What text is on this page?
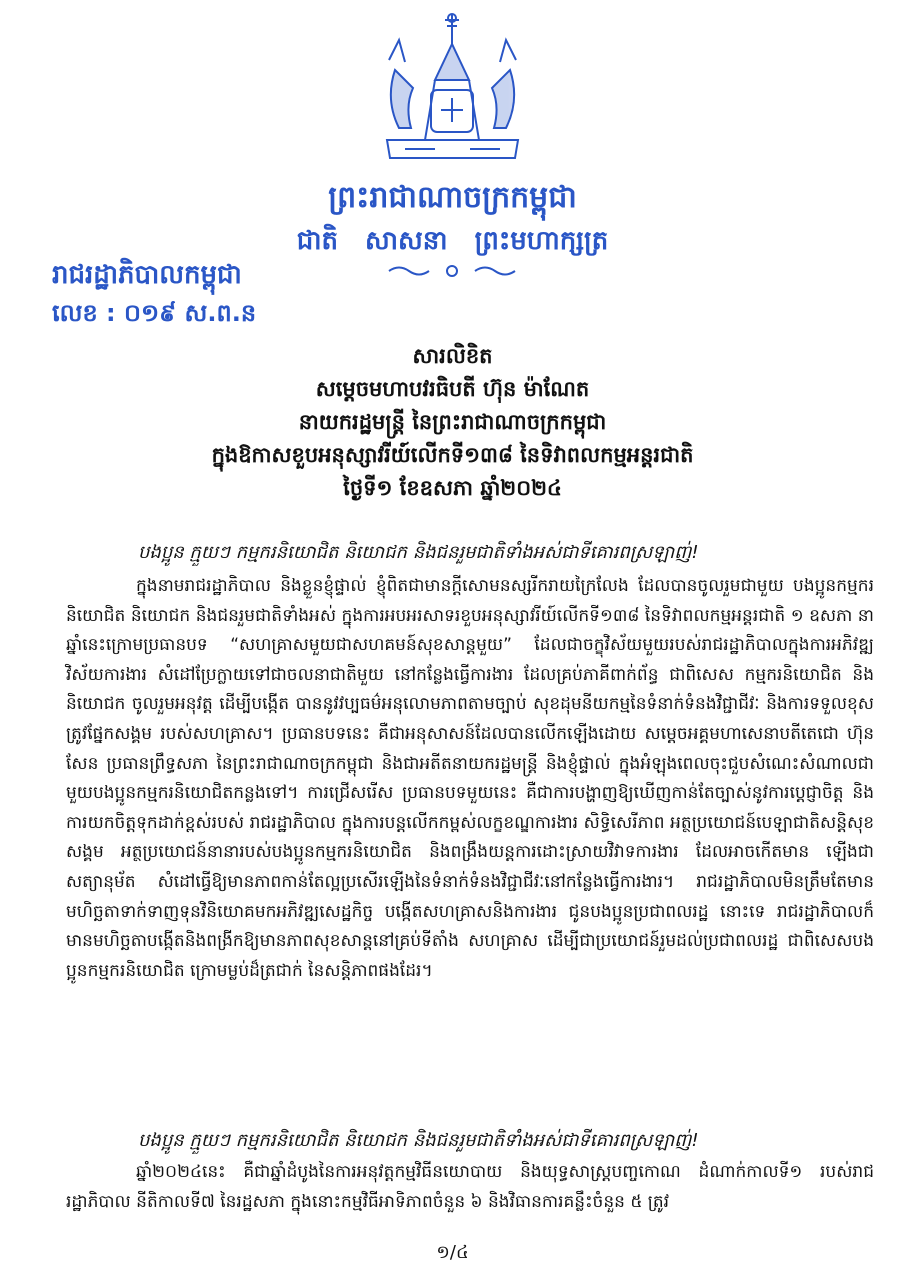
ព្រះរាជាណាចក្រកម្ពុជា
ជាតិ សាសនា ព្រះមហាក្សត្រ
រាជរដ្ឋាភិបាលកម្ពុជា
លេខ : ០១៩ ស.ព.ន
សារលិខិត
សម្តេចមហាបវរធិបតី ហ៊ុន ម៉ាណែត
នាយករដ្ឋមន្ត្រី នៃព្រះរាជាណាចក្រកម្ពុជា
ក្នុងឱកាសខួបអនុស្សាវរីយ៍លើកទី១៣៨ នៃទិវាពលកម្មអន្តរជាតិ
ថ្ងៃទី១ ខែឧសភា ឆ្នាំ២០២៤
បងប្អូន ក្មួយៗ កម្មករនិយោជិត និយោជក និងជនរួមជាតិទាំងអស់ជាទីគោរពស្រឡាញ់!
ក្នុងនាមរាជរដ្ឋាភិបាល និងខ្លួនខ្ញុំផ្ទាល់ ខ្ញុំពិតជាមានក្ដីសោមនស្សរីករាយក្រៃលែង ដែលបានចូលរួមជាមួយ បងប្អូនកម្មករនិយោជិត និយោជក និងជនរួមជាតិទាំងអស់ ក្នុងការអបអរសាទរខួបអនុស្សាវរីយ៍លើកទី១៣៨ នៃទិវាពលកម្មអន្តរជាតិ ១ ឧសភា នាឆ្នាំនេះក្រោមប្រធានបទ “សហគ្រាសមួយជាសហគមន៍សុខសាន្តមួយ” ដែលជាចក្ខុវិស័យមួយរបស់រាជរដ្ឋាភិបាលក្នុងការអភិវឌ្ឍវិស័យការងារ សំដៅប្រែក្លាយទៅជាចលនាជាតិមួយ នៅកន្លែងធ្វើការងារ ដែលគ្រប់ភាគីពាក់ព័ន្ធ ជាពិសេស កម្មករនិយោជិត និងនិយោជក ចូលរួមអនុវត្ត ដើម្បីបង្កើត បាននូវវប្បធម៌អនុលោមភាពតាមច្បាប់ សុខដុមនីយកម្មនៃទំនាក់ទំនងវិជ្ជាជីវៈ និងការទទួលខុសត្រូវផ្នែកសង្គម របស់សហគ្រាស។ ប្រធានបទនេះ គឺជាអនុសាសន៍ដែលបានលើកឡើងដោយ សម្តេចអគ្គមហាសេនាបតីតេជោ ហ៊ុន សែន ប្រធានព្រឹទ្ធសភា នៃព្រះរាជាណាចក្រកម្ពុជា និងជាអតីតនាយករដ្ឋមន្ត្រី និងខ្ញុំផ្ទាល់ ក្នុងអំឡុងពេលចុះជួបសំណេះសំណាលជាមួយបងប្អូនកម្មករនិយោជិតកន្លងទៅ។ ការជ្រើសរើស ប្រធានបទមួយនេះ គឺជាការបង្ហាញឱ្យឃើញកាន់តែច្បាស់នូវការប្តេជ្ញាចិត្ត និងការយកចិត្តទុកដាក់ខ្ពស់របស់ រាជរដ្ឋាភិបាល ក្នុងការបន្តលើកកម្ពស់លក្ខខណ្ឌការងារ សិទ្ធិសេរីភាព អត្ថប្រយោជន៍បេឡាជាតិសន្តិសុខសង្គម អត្ថប្រយោជន៍នានារបស់បងប្អូនកម្មករនិយោជិត និងពង្រឹងយន្តការដោះស្រាយវិវាទការងារ ដែលអាចកើតមាន ឡើងជាសត្យានុម័ត សំដៅធ្វើឱ្យមានភាពកាន់តែល្អប្រសើរឡើងនៃទំនាក់ទំនងវិជ្ជាជីវៈនៅកន្លែងធ្វើការងារ។ រាជរដ្ឋាភិបាលមិនត្រឹមតែមានមហិច្ឆតាទាក់ទាញទុនវិនិយោគមកអភិវឌ្ឍសេដ្ឋកិច្ច បង្កើតសហគ្រាសនិងការងារ ជូនបងប្អូនប្រជាពលរដ្ឋ នោះទេ រាជរដ្ឋាភិបាលក៏មានមហិច្ឆតាបង្កើតនិងពង្រីកឱ្យមានភាពសុខសាន្តនៅគ្រប់ទីតាំង សហគ្រាស ដើម្បីជាប្រយោជន៍រួមដល់ប្រជាពលរដ្ឋ ជាពិសេសបងប្អូនកម្មករនិយោជិត ក្រោមម្លប់ដ៏ត្រជាក់ នៃសន្តិភាពផងដែរ។
បងប្អូន ក្មួយៗ កម្មករនិយោជិត និយោជក និងជនរួមជាតិទាំងអស់ជាទីគោរពស្រឡាញ់!
ឆ្នាំ២០២៤នេះ គឺជាឆ្នាំដំបូងនៃការអនុវត្តកម្មវិធីនយោបាយ និងយុទ្ធសាស្ត្របញ្ចកោណ ដំណាក់កាលទី១ របស់រាជរដ្ឋាភិបាល នីតិកាលទី៧ នៃរដ្ឋសភា ក្នុងនោះកម្មវិធីអាទិភាពចំនួន ៦ និងវិធានការគន្លឹះចំនួន ៥ ត្រូវ
១/៤
